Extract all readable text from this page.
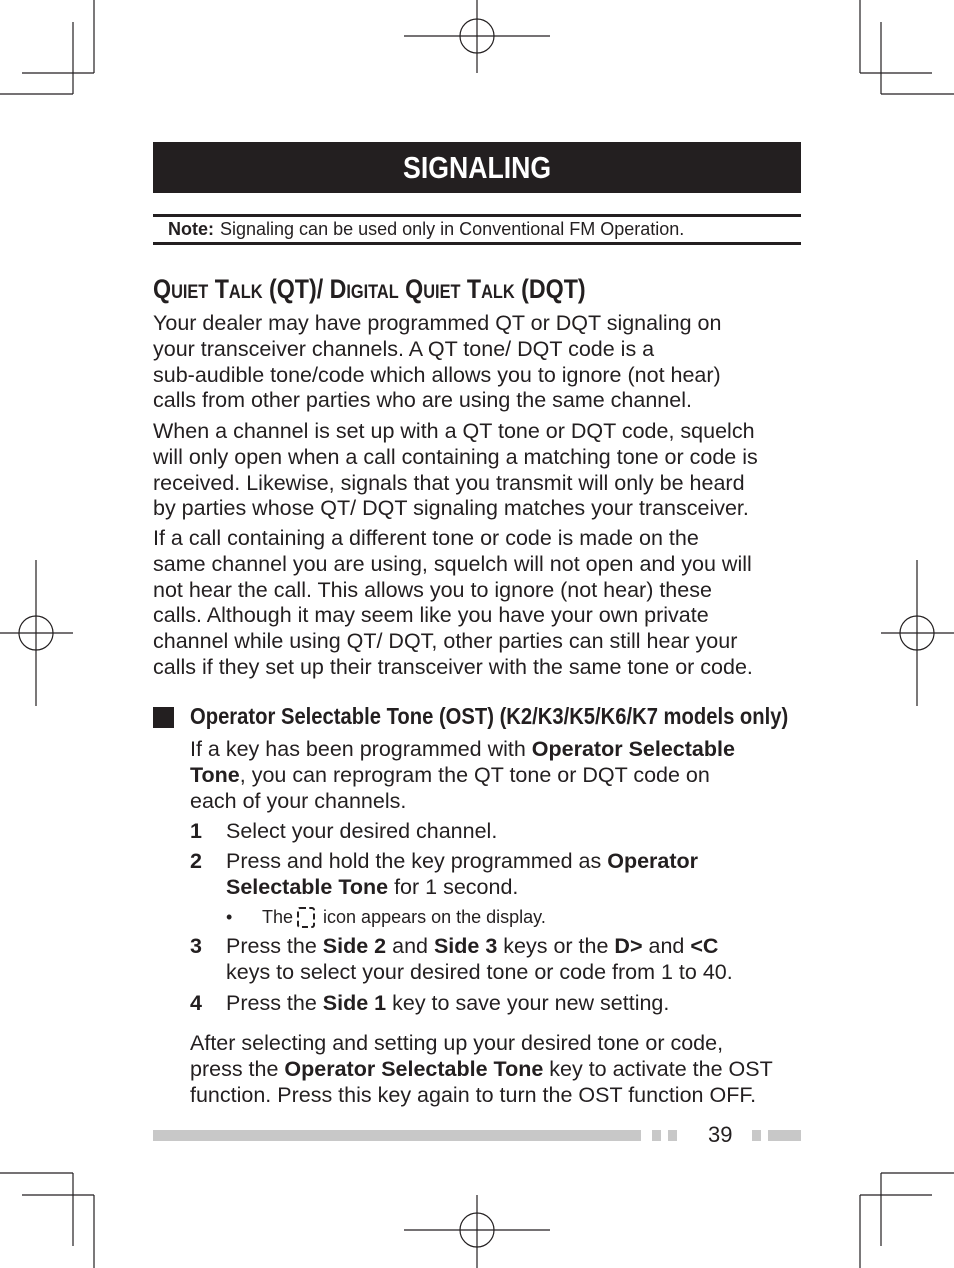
SIGNALING
Note: Signaling can be used only in Conventional FM Operation.
QUIET TALK (QT)/ DIGITAL QUIET TALK (DQT)

Your dealer may have programmed QT or DQT signaling on
your transceiver channels. A QT tone/ DQT code is a
sub-audible tone/code which allows you to ignore (not hear)
calls from other parties who are using the same channel.

When a channel is set up with a QT tone or DQT code, squelch
will only open when a call containing a matching tone or code is
received. Likewise, signals that you transmit will only be heard
by parties whose QT/ DQT signaling matches your transceiver.

If a call containing a different tone or code is made on the
same channel you are using, squelch will not open and you will
not hear the call. This allows you to ignore (not hear) these
calls. Although it may seem like you have your own private
channel while using QT/ DQT, other parties can still hear your
calls if they set up their transceiver with the same tone or code.

Operator Selectable Tone (OST) (K2/K3/K5/K6/K7 models only)

If a key has been programmed with Operator Selectable
Tone, you can reprogram the QT tone or DQT code on
each of your channels.

1 Select your desired channel.
2 Press and hold the key programmed as Operator
Selectable Tone for 1 second.
• The icon appears on the display.
3 Press the Side 2 and Side 3 keys or the D> and <C
keys to select your desired tone or code from 1 to 40.
4 Press the Side 1 key to save your new setting.

After selecting and setting up your desired tone or code,
press the Operator Selectable Tone key to activate the OST
function. Press this key again to turn the OST function OFF.

39
